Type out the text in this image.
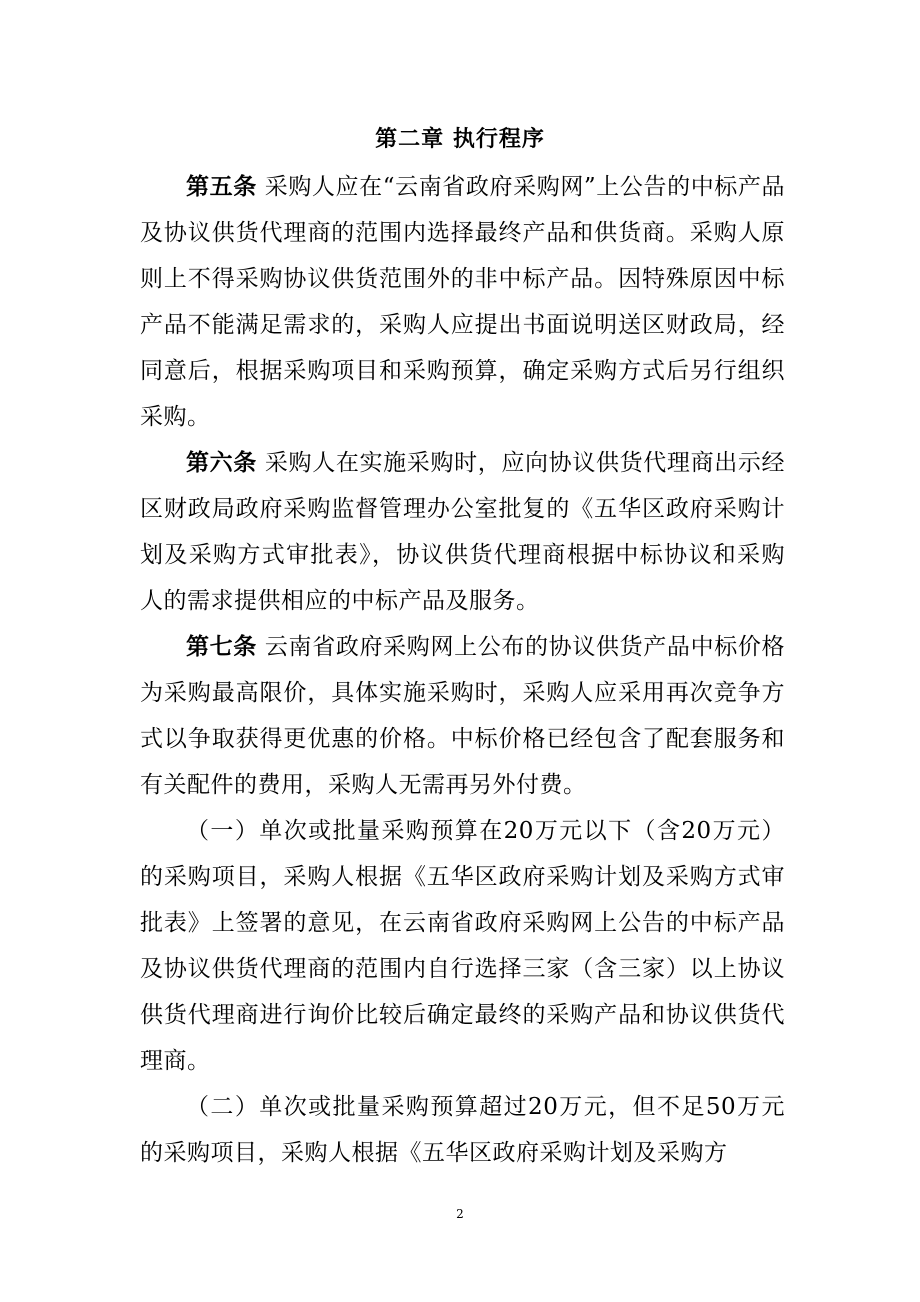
第二章 执行程序

第五条 采购人应在“云南省政府采购网”上公告的中标产品及协议供货代理商的范围内选择最终产品和供货商。采购人原则上不得采购协议供货范围外的非中标产品。因特殊原因中标产品不能满足需求的，采购人应提出书面说明送区财政局，经同意后，根据采购项目和采购预算，确定采购方式后另行组织采购。

第六条 采购人在实施采购时，应向协议供货代理商出示经区财政局政府采购监督管理办公室批复的《五华区政府采购计划及采购方式审批表》，协议供货代理商根据中标协议和采购人的需求提供相应的中标产品及服务。

第七条 云南省政府采购网上公布的协议供货产品中标价格为采购最高限价，具体实施采购时，采购人应采用再次竞争方式以争取获得更优惠的价格。中标价格已经包含了配套服务和有关配件的费用，采购人无需再另外付费。

（一）单次或批量采购预算在20万元以下（含20万元）的采购项目，采购人根据《五华区政府采购计划及采购方式审批表》上签署的意见，在云南省政府采购网上公告的中标产品及协议供货代理商的范围内自行选择三家（含三家）以上协议供货代理商进行询价比较后确定最终的采购产品和协议供货代理商。

（二）单次或批量采购预算超过20万元，但不足50万元的采购项目，采购人根据《五华区政府采购计划及采购方

2
